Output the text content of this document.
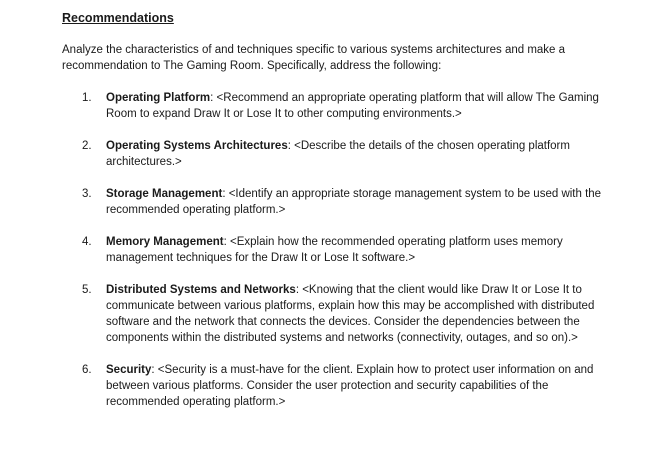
Recommendations
Analyze the characteristics of and techniques specific to various systems architectures and make a recommendation to The Gaming Room. Specifically, address the following:
1.	Operating Platform: <Recommend an appropriate operating platform that will allow The Gaming Room to expand Draw It or Lose It to other computing environments.>
2.	Operating Systems Architectures: <Describe the details of the chosen operating platform architectures.>
3.	Storage Management: <Identify an appropriate storage management system to be used with the recommended operating platform.>
4.	Memory Management: <Explain how the recommended operating platform uses memory management techniques for the Draw It or Lose It software.>
5.	Distributed Systems and Networks: <Knowing that the client would like Draw It or Lose It to communicate between various platforms, explain how this may be accomplished with distributed software and the network that connects the devices. Consider the dependencies between the components within the distributed systems and networks (connectivity, outages, and so on).>
6.	Security: <Security is a must-have for the client. Explain how to protect user information on and between various platforms. Consider the user protection and security capabilities of the recommended operating platform.>
